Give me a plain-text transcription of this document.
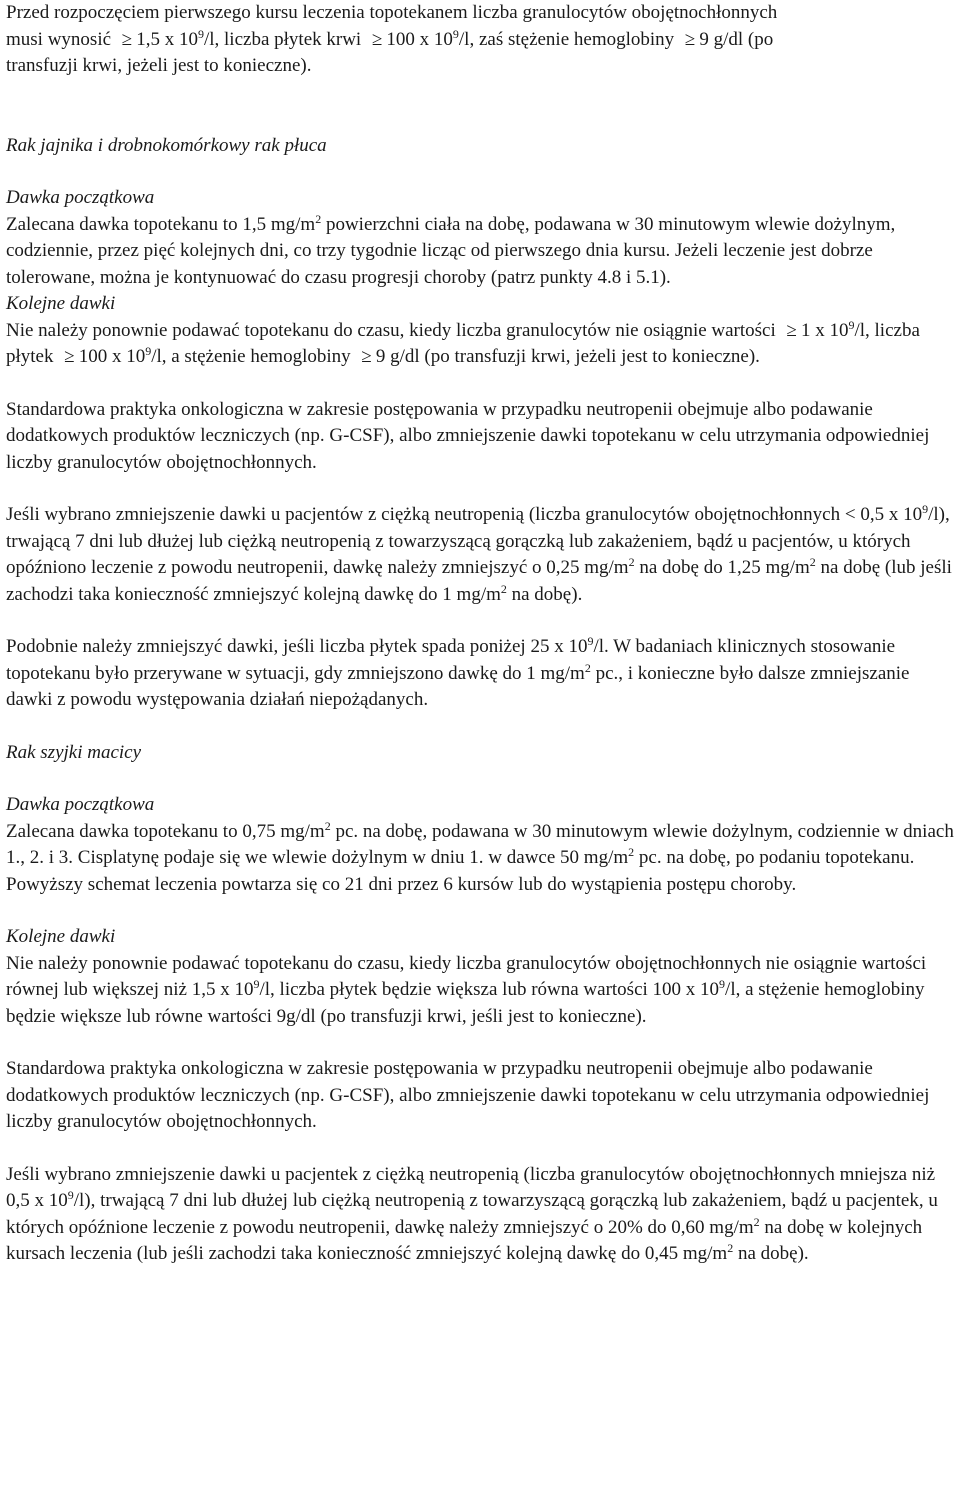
Przed rozpoczęciem pierwszego kursu leczenia topotekanem liczba granulocytów obojętnochłonnych
musi wynosić ≥ 1,5 x $10^9/l$, liczba płytek krwi ≥ 100 x $10^9/l$, zaś stężenie hemoglobiny ≥ 9 g/dl (po
transfuzji krwi, jeżeli jest to konieczne).

Rak jajnika i drobnokomórkowy rak płuca

Dawka początkowa

Zalecana dawka topotekanu to 1,5 $mg/m^2$ powierzchni ciała na dobę, podawana w 30 minutowym wlewie dożylnym, codziennie, przez pięć kolejnych dni, co trzy tygodnie licząc od pierwszego dnia kursu. Jeżeli leczenie jest dobrze tolerowane, można je kontynuować do czasu progresji choroby (patrz punkty 4.8 i 5.1).

Kolejne dawki

Nie należy ponownie podawać topotekanu do czasu, kiedy liczba granulocytów nie osiągnie wartości ≥ 1 x $10^9/l$, liczba płytek ≥ 100 x $10^9/l$, a stężenie hemoglobiny ≥ 9 g/dl (po transfuzji krwi, jeżeli jest to konieczne).

Standardowa praktyka onkologiczna w zakresie postępowania w przypadku neutropenii obejmuje albo podawanie dodatkowych produktów leczniczych (np. G-CSF), albo zmniejszenie dawki topotekanu w celu utrzymania odpowiedniej liczby granulocytów obojętnochłonnych.

Jeśli wybrano zmniejszenie dawki u pacjentów z ciężką neutropenią (liczba granulocytów obojętnochłonnych < 0,5 x $10^9/l$), trwającą 7 dni lub dłużej lub ciężką neutropenią z towarzyszącą gorączką lub zakażeniem, bądź u pacjentów, u których opóźniono leczenie z powodu neutropenii, dawkę należy zmniejszyć o 0,25 $mg/m^2$ na dobę do 1,25 $mg/m^2$ na dobę (lub jeśli zachodzi taka konieczność zmniejszyć kolejną dawkę do 1 $mg/m^2$ na dobę).

Podobnie należy zmniejszyć dawki, jeśli liczba płytek spada poniżej 25 x $10^9/l$. W badaniach klinicznych stosowanie topotekanu było przerywane w sytuacji, gdy zmniejszono dawkę do 1 $mg/m^2$ pc., i konieczne było dalsze zmniejszanie dawki z powodu występowania działań niepożądanych.

Rak szyjki macicy

Dawka początkowa

Zalecana dawka topotekanu to 0,75 $mg/m^2$ pc. na dobę, podawana w 30 minutowym wlewie dożylnym, codziennie w dniach 1., 2. i 3. Cisplatynę podaje się we wlewie dożylnym w dniu 1. w dawce 50 $mg/m^2$ pc. na dobę, po podaniu topotekanu. Powyższy schemat leczenia powtarza się co 21 dni przez 6 kursów lub do wystąpienia postępu choroby.

Kolejne dawki

Nie należy ponownie podawać topotekanu do czasu, kiedy liczba granulocytów obojętnochłonnych nie osiągnie wartości równej lub większej niż 1,5 x $10^9/l$, liczba płytek będzie większa lub równa wartości 100 x $10^9/l$, a stężenie hemoglobiny będzie większe lub równe wartości 9g/dl (po transfuzji krwi, jeśli jest to konieczne).

Standardowa praktyka onkologiczna w zakresie postępowania w przypadku neutropenii obejmuje albo podawanie dodatkowych produktów leczniczych (np. G-CSF), albo zmniejszenie dawki topotekanu w celu utrzymania odpowiedniej liczby granulocytów obojętnochłonnych.

Jeśli wybrano zmniejszenie dawki u pacjentek z ciężką neutropenią (liczba granulocytów obojętnochłonnych mniejsza niż 0,5 x $10^9/l$), trwającą 7 dni lub dłużej lub ciężką neutropenią z towarzyszącą gorączką lub zakażeniem, bądź u pacjentek, u których opóźnione leczenie z powodu neutropenii, dawkę należy zmniejszyć o 20% do 0,60 $mg/m^2$ na dobę w kolejnych kursach leczenia (lub jeśli zachodzi taka konieczność zmniejszyć kolejną dawkę do 0,45 $mg/m^2$ na dobę).
